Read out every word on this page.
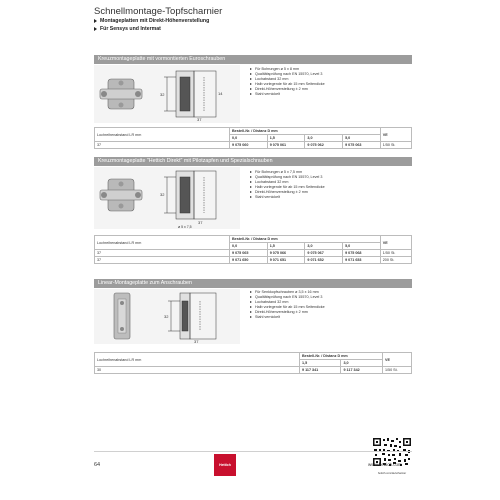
Schnellmontage-Topfscharnier
Montageplatten mit Direkt-Höhenverstellung
Für Sensys und Intermat
Kreuzmontageplatte mit vormontierten Euroschrauben
32
37
14
Für Bohrungen ø 5 x 8 mm
Qualitätsprüfung nach EN 15570, Level 3
Lochabstand 32 mm
Halb vorlegende für ab 15 mm Seitendicke
Direkt-Höhenverstellung ± 2 mm
Stahl vernickelt
Lochreihenabstand LR mm	Bestell-Nr. / Distanz D mm				VE
	0,0	1,5	3,0	5,0	
37	9 075 060	9 075 061	9 075 062	9 075 063	1/50 St.
Kreuzmontageplatte "Hettich Direkt" mit Pilotzapfen und Spezialschrauben
32
37
ø 5 x 7,5
Für Bohrungen ø 5 x 7,5 mm
Qualitätsprüfung nach EN 15570, Level 3
Lochabstand 32 mm
Halb vorlegende für ab 15 mm Seitendicke
Direkt-Höhenverstellung ± 2 mm
Stahl vernickelt
Lochreihenabstand LR mm	Bestell-Nr. / Distanz D mm				VE
	0,0	1,5	3,0	5,0	
37	9 075 065	9 075 066	9 075 067	9 075 068	1/50 St.
37	9 071 650	9 071 651	9 071 652	9 071 653	200 St.
Linear-Montageplatte zum Anschrauben
32
37
Für Senkkopfschrauben ø 3,5 x 16 mm
Qualitätsprüfung nach EN 15570, Level 3
Lochabstand 32 mm
Halb vorlegende für ab 15 mm Seitendicke
Direkt-Höhenverstellung ± 2 mm
Stahl vernickelt
Lochreihenabstand LR mm	Bestell-Nr. / Distanz D mm		VE
	1,5	3,0	
30	9 117 341	9 117 342	1/50 St.
hettich.com/de/scharnier
64	Hettich	www.hettich.com
